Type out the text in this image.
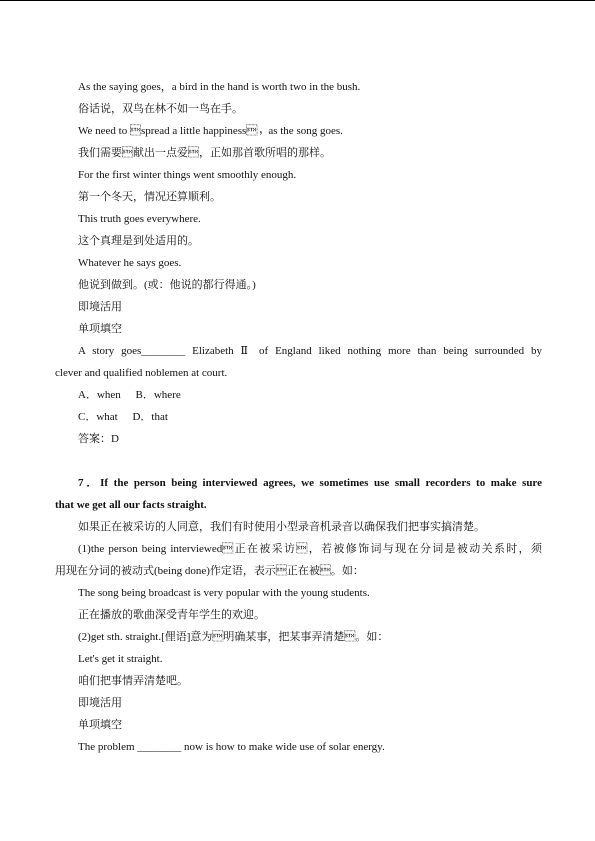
As the saying goes，a bird in the hand is worth two in the bush.
俗话说，双鸟在林不如一鸟在手。
We need to spread a little happiness，as the song goes.
我们需要献出一点爱，正如那首歌所唱的那样。
For the first winter things went smoothly enough.
第一个冬天，情况还算顺利。
This truth goes everywhere.
这个真理是到处适用的。
Whatever he says goes.
他说到做到。(或：他说的都行得通。)
即境活用
单项填空
A story goes________ Elizabeth Ⅱ of England liked nothing more than being surrounded by
clever and qualified noblemen at court.
A．when B．where
C．what D．that
答案：D
7．If the person being interviewed agrees, we sometimes use small recorders to make sure
that we get all our facts straight.
如果正在被采访的人同意，我们有时使用小型录音机录音以确保我们把事实搞清楚。
(1)the person being interviewed正在被采访，若被修饰词与现在分词是被动关系时，须
用现在分词的被动式(being done)作定语，表示正在被。如：
The song being broadcast is very popular with the young students.
正在播放的歌曲深受青年学生的欢迎。
(2)get sth. straight.[俚语]意为明确某事，把某事弄清楚。如：
Let's get it straight.
咱们把事情弄清楚吧。
即境活用
单项填空
The problem ________ now is how to make wide use of solar energy.
